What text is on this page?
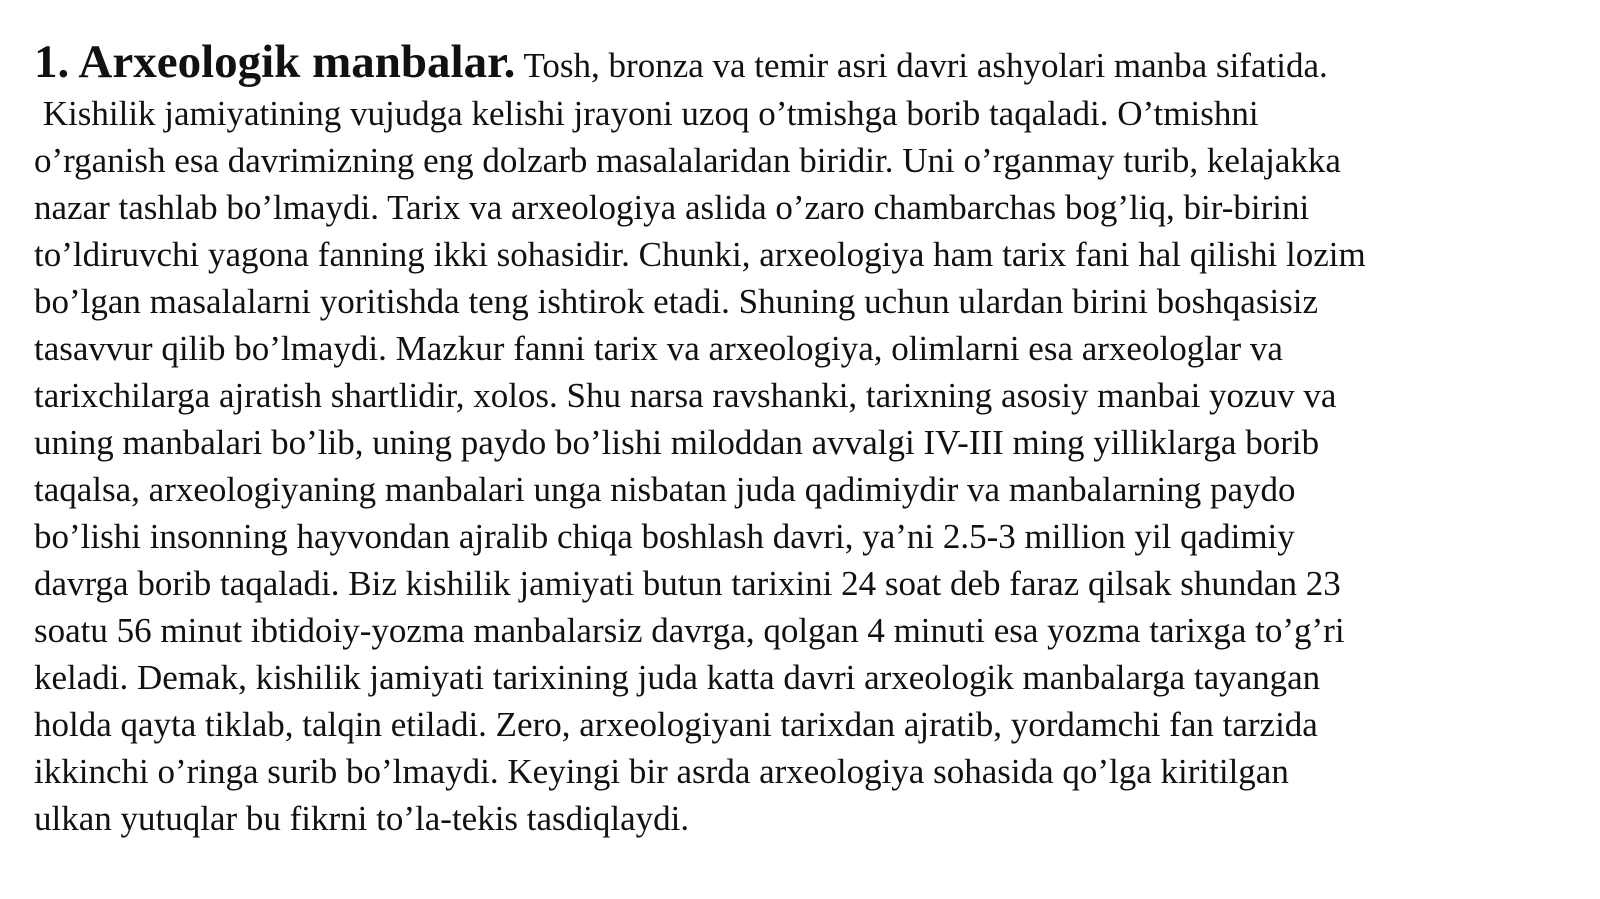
1. Arxeologik manbalar. Tosh, bronza va temir asri davri ashyolari manba sifatida.

Kishilik jamiyatining vujudga kelishi jrayoni uzoq o’tmishga borib taqaladi. O’tmishni
o’rganish esa davrimizning eng dolzarb masalalaridan biridir. Uni o’rganmay turib, kelajakka
nazar tashlab bo’lmaydi. Tarix va arxeologiya aslida o’zaro chambarchas bog’liq, bir-birini
to’ldiruvchi yagona fanning ikki sohasidir. Chunki, arxeologiya ham tarix fani hal qilishi lozim
bo’lgan masalalarni yoritishda teng ishtirok etadi. Shuning uchun ulardan birini boshqasisiz
tasavvur qilib bo’lmaydi. Mazkur fanni tarix va arxeologiya, olimlarni esa arxeologlar va
tarixchilarga ajratish shartlidir, xolos. Shu narsa ravshanki, tarixning asosiy manbai yozuv va
uning manbalari bo’lib, uning paydo bo’lishi miloddan avvalgi IV-III ming yilliklarga borib
taqalsa, arxeologiyaning manbalari unga nisbatan juda qadimiydir va manbalarning paydo
bo’lishi insonning hayvondan ajralib chiqa boshlash davri, ya’ni 2.5-3 million yil qadimiy
davrga borib taqaladi. Biz kishilik jamiyati butun tarixini 24 soat deb faraz qilsak shundan 23
soatu 56 minut ibtidoiy-yozma manbalarsiz davrga, qolgan 4 minuti esa yozma tarixga to’g’ri
keladi. Demak, kishilik jamiyati tarixining juda katta davri arxeologik manbalarga tayangan
holda qayta tiklab, talqin etiladi. Zero, arxeologiyani tarixdan ajratib, yordamchi fan tarzida
ikkinchi o’ringa surib bo’lmaydi. Keyingi bir asrda arxeologiya sohasida qo’lga kiritilgan
ulkan yutuqlar bu fikrni to’la-tekis tasdiqlaydi.
